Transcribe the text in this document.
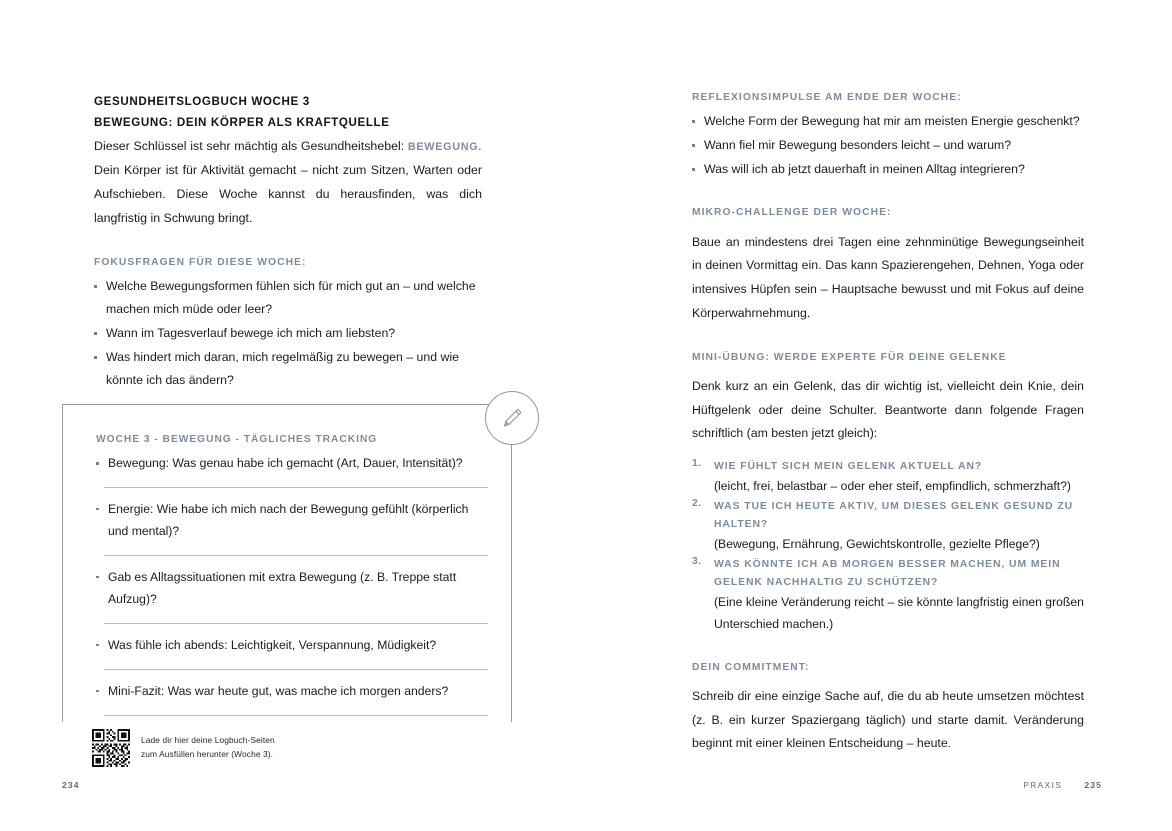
GESUNDHEITSLOGBUCH WOCHE 3
BEWEGUNG: DEIN KÖRPER ALS KRAFTQUELLE

Dieser Schlüssel ist sehr mächtig als Gesundheitshebel: BEWEGUNG. Dein Körper ist für Aktivität gemacht – nicht zum Sitzen, Warten oder Aufschieben. Diese Woche kannst du herausfinden, was dich langfristig in Schwung bringt.

FOKUSFRAGEN FÜR DIESE WOCHE:
Welche Bewegungsformen fühlen sich für mich gut an – und welche machen mich müde oder leer?
Wann im Tagesverlauf bewege ich mich am liebsten?
Was hindert mich daran, mich regelmäßig zu bewegen – und wie könnte ich das ändern?
WOCHE 3 - BEWEGUNG - TÄGLICHES TRACKING
Bewegung: Was genau habe ich gemacht (Art, Dauer, Intensität)?
Energie: Wie habe ich mich nach der Bewegung gefühlt (körperlich und mental)?
Gab es Alltagssituationen mit extra Bewegung (z. B. Treppe statt Aufzug)?
Was fühle ich abends: Leichtigkeit, Verspannung, Müdigkeit?
Mini-Fazit: Was war heute gut, was mache ich morgen anders?
Lade dir hier deine Logbuch-Seiten
zum Ausfüllen herunter (Woche 3).
234
REFLEXIONSIMPULSE AM ENDE DER WOCHE:
Welche Form der Bewegung hat mir am meisten Energie geschenkt?
Wann fiel mir Bewegung besonders leicht – und warum?
Was will ich ab jetzt dauerhaft in meinen Alltag integrieren?
MIKRO-CHALLENGE DER WOCHE:

Baue an mindestens drei Tagen eine zehnminütige Bewegungseinheit in deinen Vormittag ein. Das kann Spazierengehen, Dehnen, Yoga oder intensives Hüpfen sein – Hauptsache bewusst und mit Fokus auf deine Körperwahrnehmung.

MINI-ÜBUNG: WERDE EXPERTE FÜR DEINE GELENKE

Denk kurz an ein Gelenk, das dir wichtig ist, vielleicht dein Knie, dein Hüftgelenk oder deine Schulter. Beantworte dann folgende Fragen schriftlich (am besten jetzt gleich):

WIE FÜHLT SICH MEIN GELENK AKTUELL AN?
(leicht, frei, belastbar – oder eher steif, empfindlich, schmerzhaft?)
WAS TUE ICH HEUTE AKTIV, UM DIESES GELENK GESUND ZU HALTEN?
(Bewegung, Ernährung, Gewichtskontrolle, gezielte Pflege?)
WAS KÖNNTE ICH AB MORGEN BESSER MACHEN, UM MEIN GELENK NACHHALTIG ZU SCHÜTZEN?
(Eine kleine Veränderung reicht – sie könnte langfristig einen großen Unterschied machen.)
DEIN COMMITMENT:

Schreib dir eine einzige Sache auf, die du ab heute umsetzen möchtest (z. B. ein kurzer Spaziergang täglich) und starte damit. Veränderung beginnt mit einer kleinen Entscheidung – heute.

PRAXIS	235
